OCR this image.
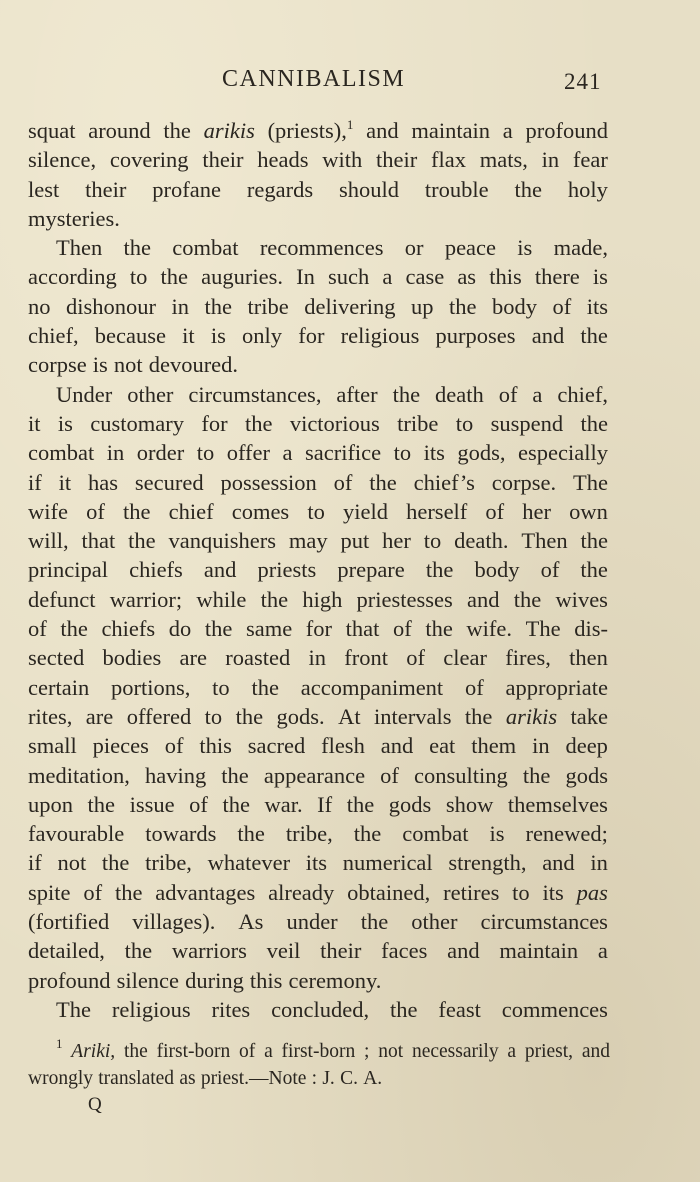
CANNIBALISM	241
squat around the arikis (priests),$^1$ and maintain a profound
silence, covering their heads with their flax mats, in fear
lest their profane regards should trouble the holy
mysteries.
Then the combat recommences or peace is made,
according to the auguries. In such a case as this there is
no dishonour in the tribe delivering up the body of its
chief, because it is only for religious purposes and the
corpse is not devoured.
Under other circumstances, after the death of a chief,
it is customary for the victorious tribe to suspend the
combat in order to offer a sacrifice to its gods, especially
if it has secured possession of the chief’s corpse. The
wife of the chief comes to yield herself of her own
will, that the vanquishers may put her to death. Then the
principal chiefs and priests prepare the body of the
defunct warrior; while the high priestesses and the wives
of the chiefs do the same for that of the wife. The dis-
sected bodies are roasted in front of clear fires, then
certain portions, to the accompaniment of appropriate
rites, are offered to the gods. At intervals the arikis take
small pieces of this sacred flesh and eat them in deep
meditation, having the appearance of consulting the gods
upon the issue of the war. If the gods show themselves
favourable towards the tribe, the combat is renewed;
if not the tribe, whatever its numerical strength, and in
spite of the advantages already obtained, retires to its pas
(fortified villages). As under the other circumstances
detailed, the warriors veil their faces and maintain a
profound silence during this ceremony.
The religious rites concluded, the feast commences
$^1$ Ariki, the first-born of a first-born ; not necessarily a priest, and
wrongly translated as priest.—Note : J. C. A.
Q
